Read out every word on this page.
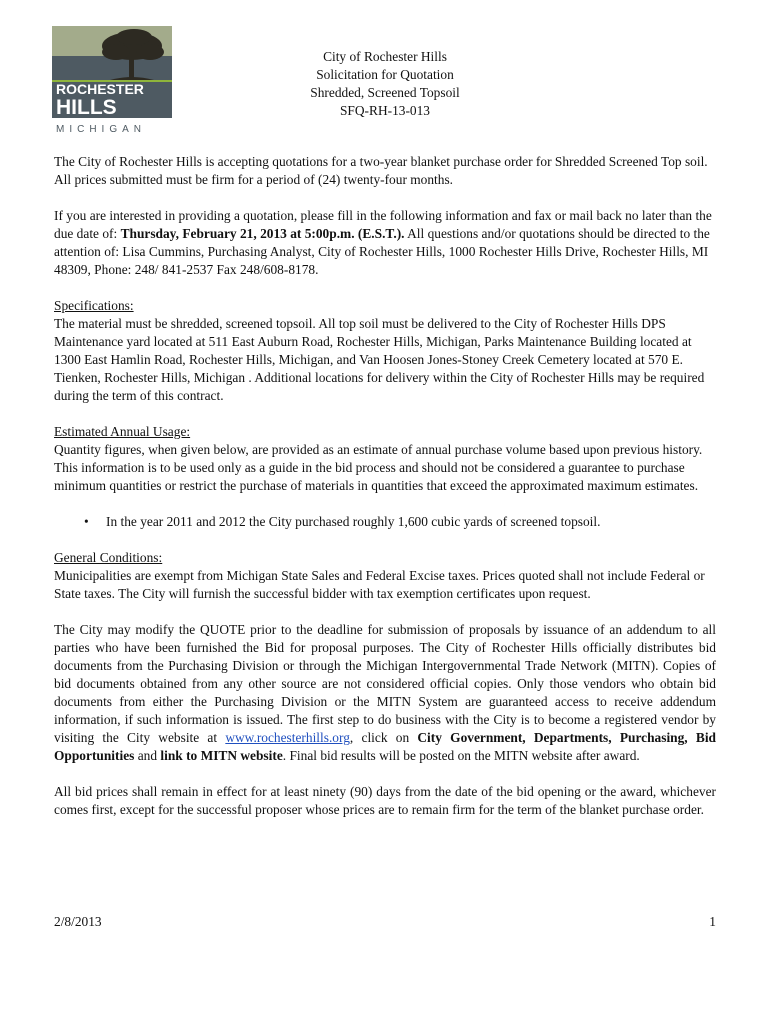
ROCHESTER
HILLS
MICHIGAN
City of Rochester Hills
Solicitation for Quotation
Shredded, Screened Topsoil
SFQ-RH-13-013

The City of Rochester Hills is accepting quotations for a two-year blanket purchase order for Shredded Screened Top soil. All prices submitted must be firm for a period of (24) twenty-four months.

If you are interested in providing a quotation, please fill in the following information and fax or mail back no later than the due date of: Thursday, February 21, 2013 at 5:00p.m. (E.S.T.). All questions and/or quotations should be directed to the attention of: Lisa Cummins, Purchasing Analyst, City of Rochester Hills, 1000 Rochester Hills Drive, Rochester Hills, MI 48309, Phone: 248/ 841-2537 Fax 248/608-8178.

Specifications:

The material must be shredded, screened topsoil. All top soil must be delivered to the City of Rochester Hills DPS Maintenance yard located at 511 East Auburn Road, Rochester Hills, Michigan, Parks Maintenance Building located at 1300 East Hamlin Road, Rochester Hills, Michigan, and Van Hoosen Jones-Stoney Creek Cemetery located at 570 E. Tienken, Rochester Hills, Michigan . Additional locations for delivery within the City of Rochester Hills may be required during the term of this contract.

Estimated Annual Usage:

Quantity figures, when given below, are provided as an estimate of annual purchase volume based upon previous history. This information is to be used only as a guide in the bid process and should not be considered a guarantee to purchase minimum quantities or restrict the purchase of materials in quantities that exceed the approximated maximum estimates.

•	In the year 2011 and 2012 the City purchased roughly 1,600 cubic yards of screened topsoil.

General Conditions:

Municipalities are exempt from Michigan State Sales and Federal Excise taxes. Prices quoted shall not include Federal or State taxes. The City will furnish the successful bidder with tax exemption certificates upon request.

The City may modify the QUOTE prior to the deadline for submission of proposals by issuance of an addendum to all parties who have been furnished the Bid for proposal purposes. The City of Rochester Hills officially distributes bid documents from the Purchasing Division or through the Michigan Intergovernmental Trade Network (MITN). Copies of bid documents obtained from any other source are not considered official copies. Only those vendors who obtain bid documents from either the Purchasing Division or the MITN System are guaranteed access to receive addendum information, if such information is issued. The first step to do business with the City is to become a registered vendor by visiting the City website at www.rochesterhills.org, click on City Government, Departments, Purchasing, Bid Opportunities and link to MITN website. Final bid results will be posted on the MITN website after award.

All bid prices shall remain in effect for at least ninety (90) days from the date of the bid opening or the award, whichever comes first, except for the successful proposer whose prices are to remain firm for the term of the blanket purchase order.

2/8/2013	1
